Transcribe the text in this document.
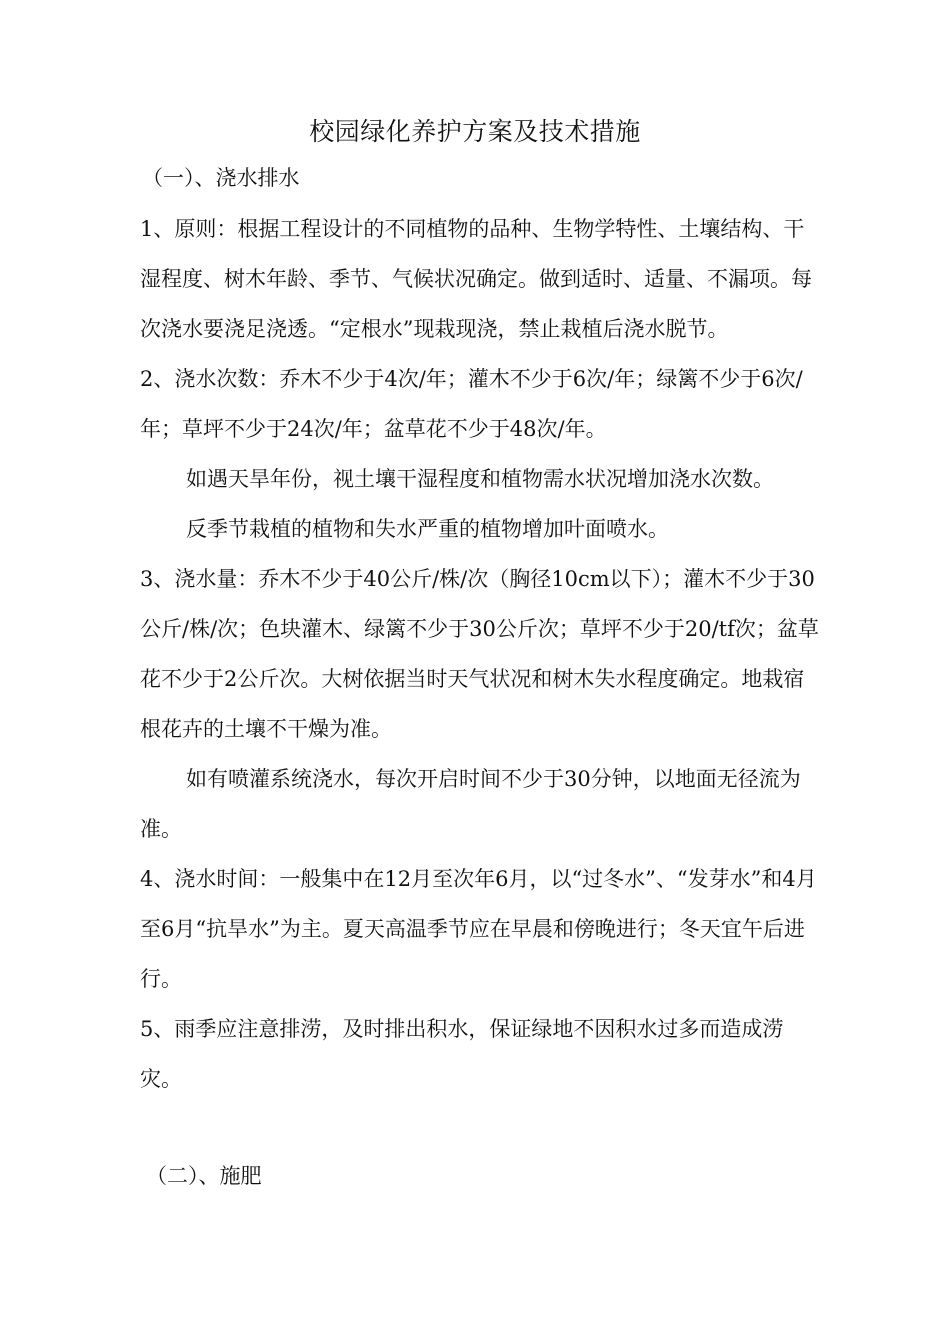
校园绿化养护方案及技术措施
（一）、浇水排水

1、原则：根据工程设计的不同植物的品种、生物学特性、土壤结构、干湿程度、树木年龄、季节、气候状况确定。做到适时、适量、不漏项。每次浇水要浇足浇透。“定根水”现栽现浇，禁止栽植后浇水脱节。

2、浇水次数：乔木不少于4次/年；灌木不少于6次/年；绿篱不少于6次/年；草坪不少于24次/年；盆草花不少于48次/年。

如遇天旱年份，视土壤干湿程度和植物需水状况增加浇水次数。

反季节栽植的植物和失水严重的植物增加叶面喷水。

3、浇水量：乔木不少于40公斤/株/次（胸径10cm以下）；灌木不少于30公斤/株/次；色块灌木、绿篱不少于30公斤次；草坪不少于20/tf次；盆草花不少于2公斤次。大树依据当时天气状况和树木失水程度确定。地栽宿根花卉的土壤不干燥为准。

如有喷灌系统浇水，每次开启时间不少于30分钟，以地面无径流为准。

4、浇水时间：一般集中在12月至次年6月，以“过冬水”、“发芽水”和4月至6月“抗旱水”为主。夏天高温季节应在早晨和傍晚进行；冬天宜午后进行。

5、雨季应注意排涝，及时排出积水，保证绿地不因积水过多而造成涝灾。

（二）、施肥
